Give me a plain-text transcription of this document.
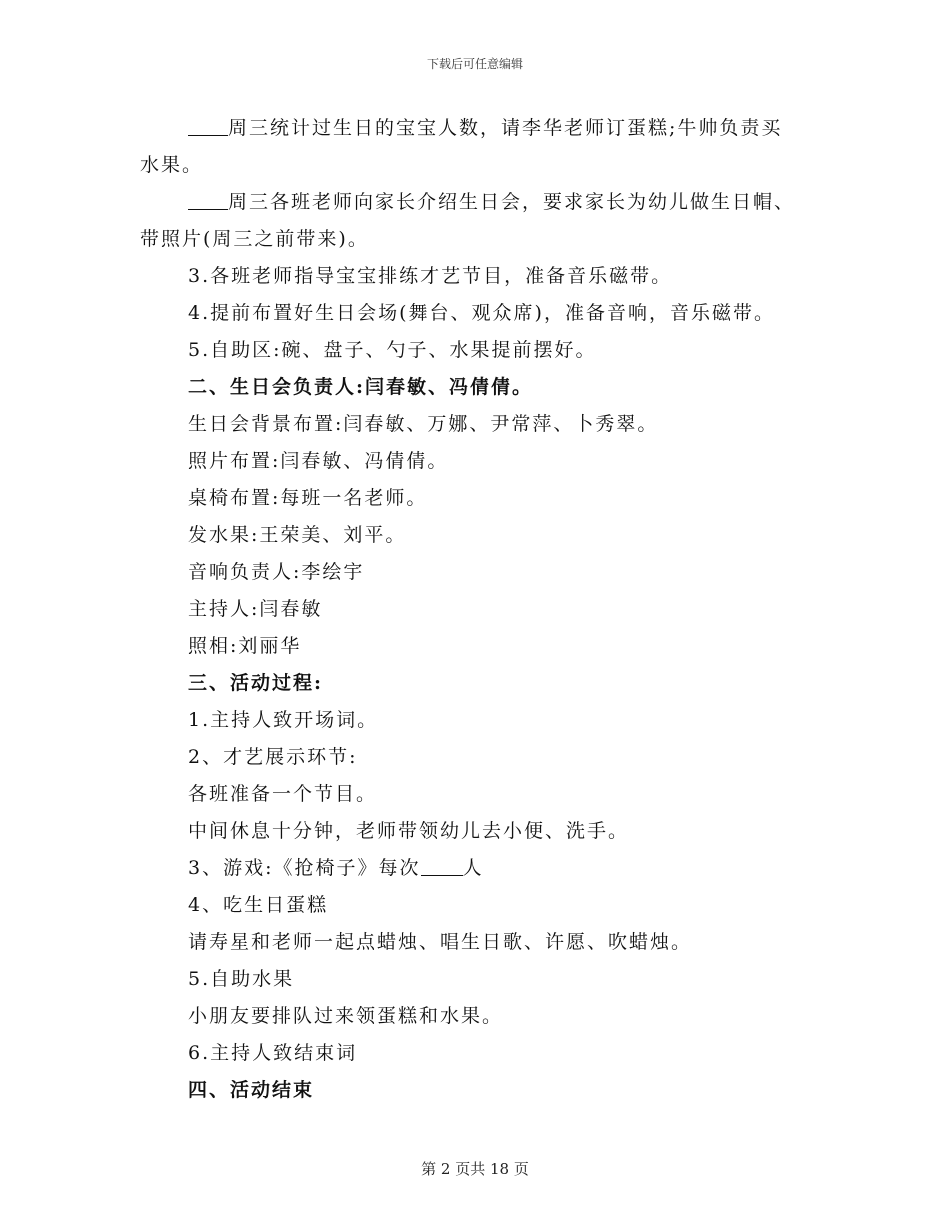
下载后可任意编辑
周三统计过生日的宝宝人数，请李华老师订蛋糕;牛帅负责买
水果。
周三各班老师向家长介绍生日会，要求家长为幼儿做生日帽、
带照片(周三之前带来)。
3.各班老师指导宝宝排练才艺节目，准备音乐磁带。
4.提前布置好生日会场(舞台、观众席)，准备音响，音乐磁带。
5.自助区:碗、盘子、勺子、水果提前摆好。
二、生日会负责人:闫春敏、冯倩倩。
生日会背景布置:闫春敏、万娜、尹常萍、卜秀翠。
照片布置:闫春敏、冯倩倩。
桌椅布置:每班一名老师。
发水果:王荣美、刘平。
音响负责人:李绘宇
主持人:闫春敏
照相:刘丽华
三、活动过程:
1.主持人致开场词。
2、才艺展示环节:
各班准备一个节目。
中间休息十分钟，老师带领幼儿去小便、洗手。
3、游戏:《抢椅子》每次 人
4、吃生日蛋糕
请寿星和老师一起点蜡烛、唱生日歌、许愿、吹蜡烛。
5.自助水果
小朋友要排队过来领蛋糕和水果。
6.主持人致结束词
四、活动结束
第 2 页共 18 页
